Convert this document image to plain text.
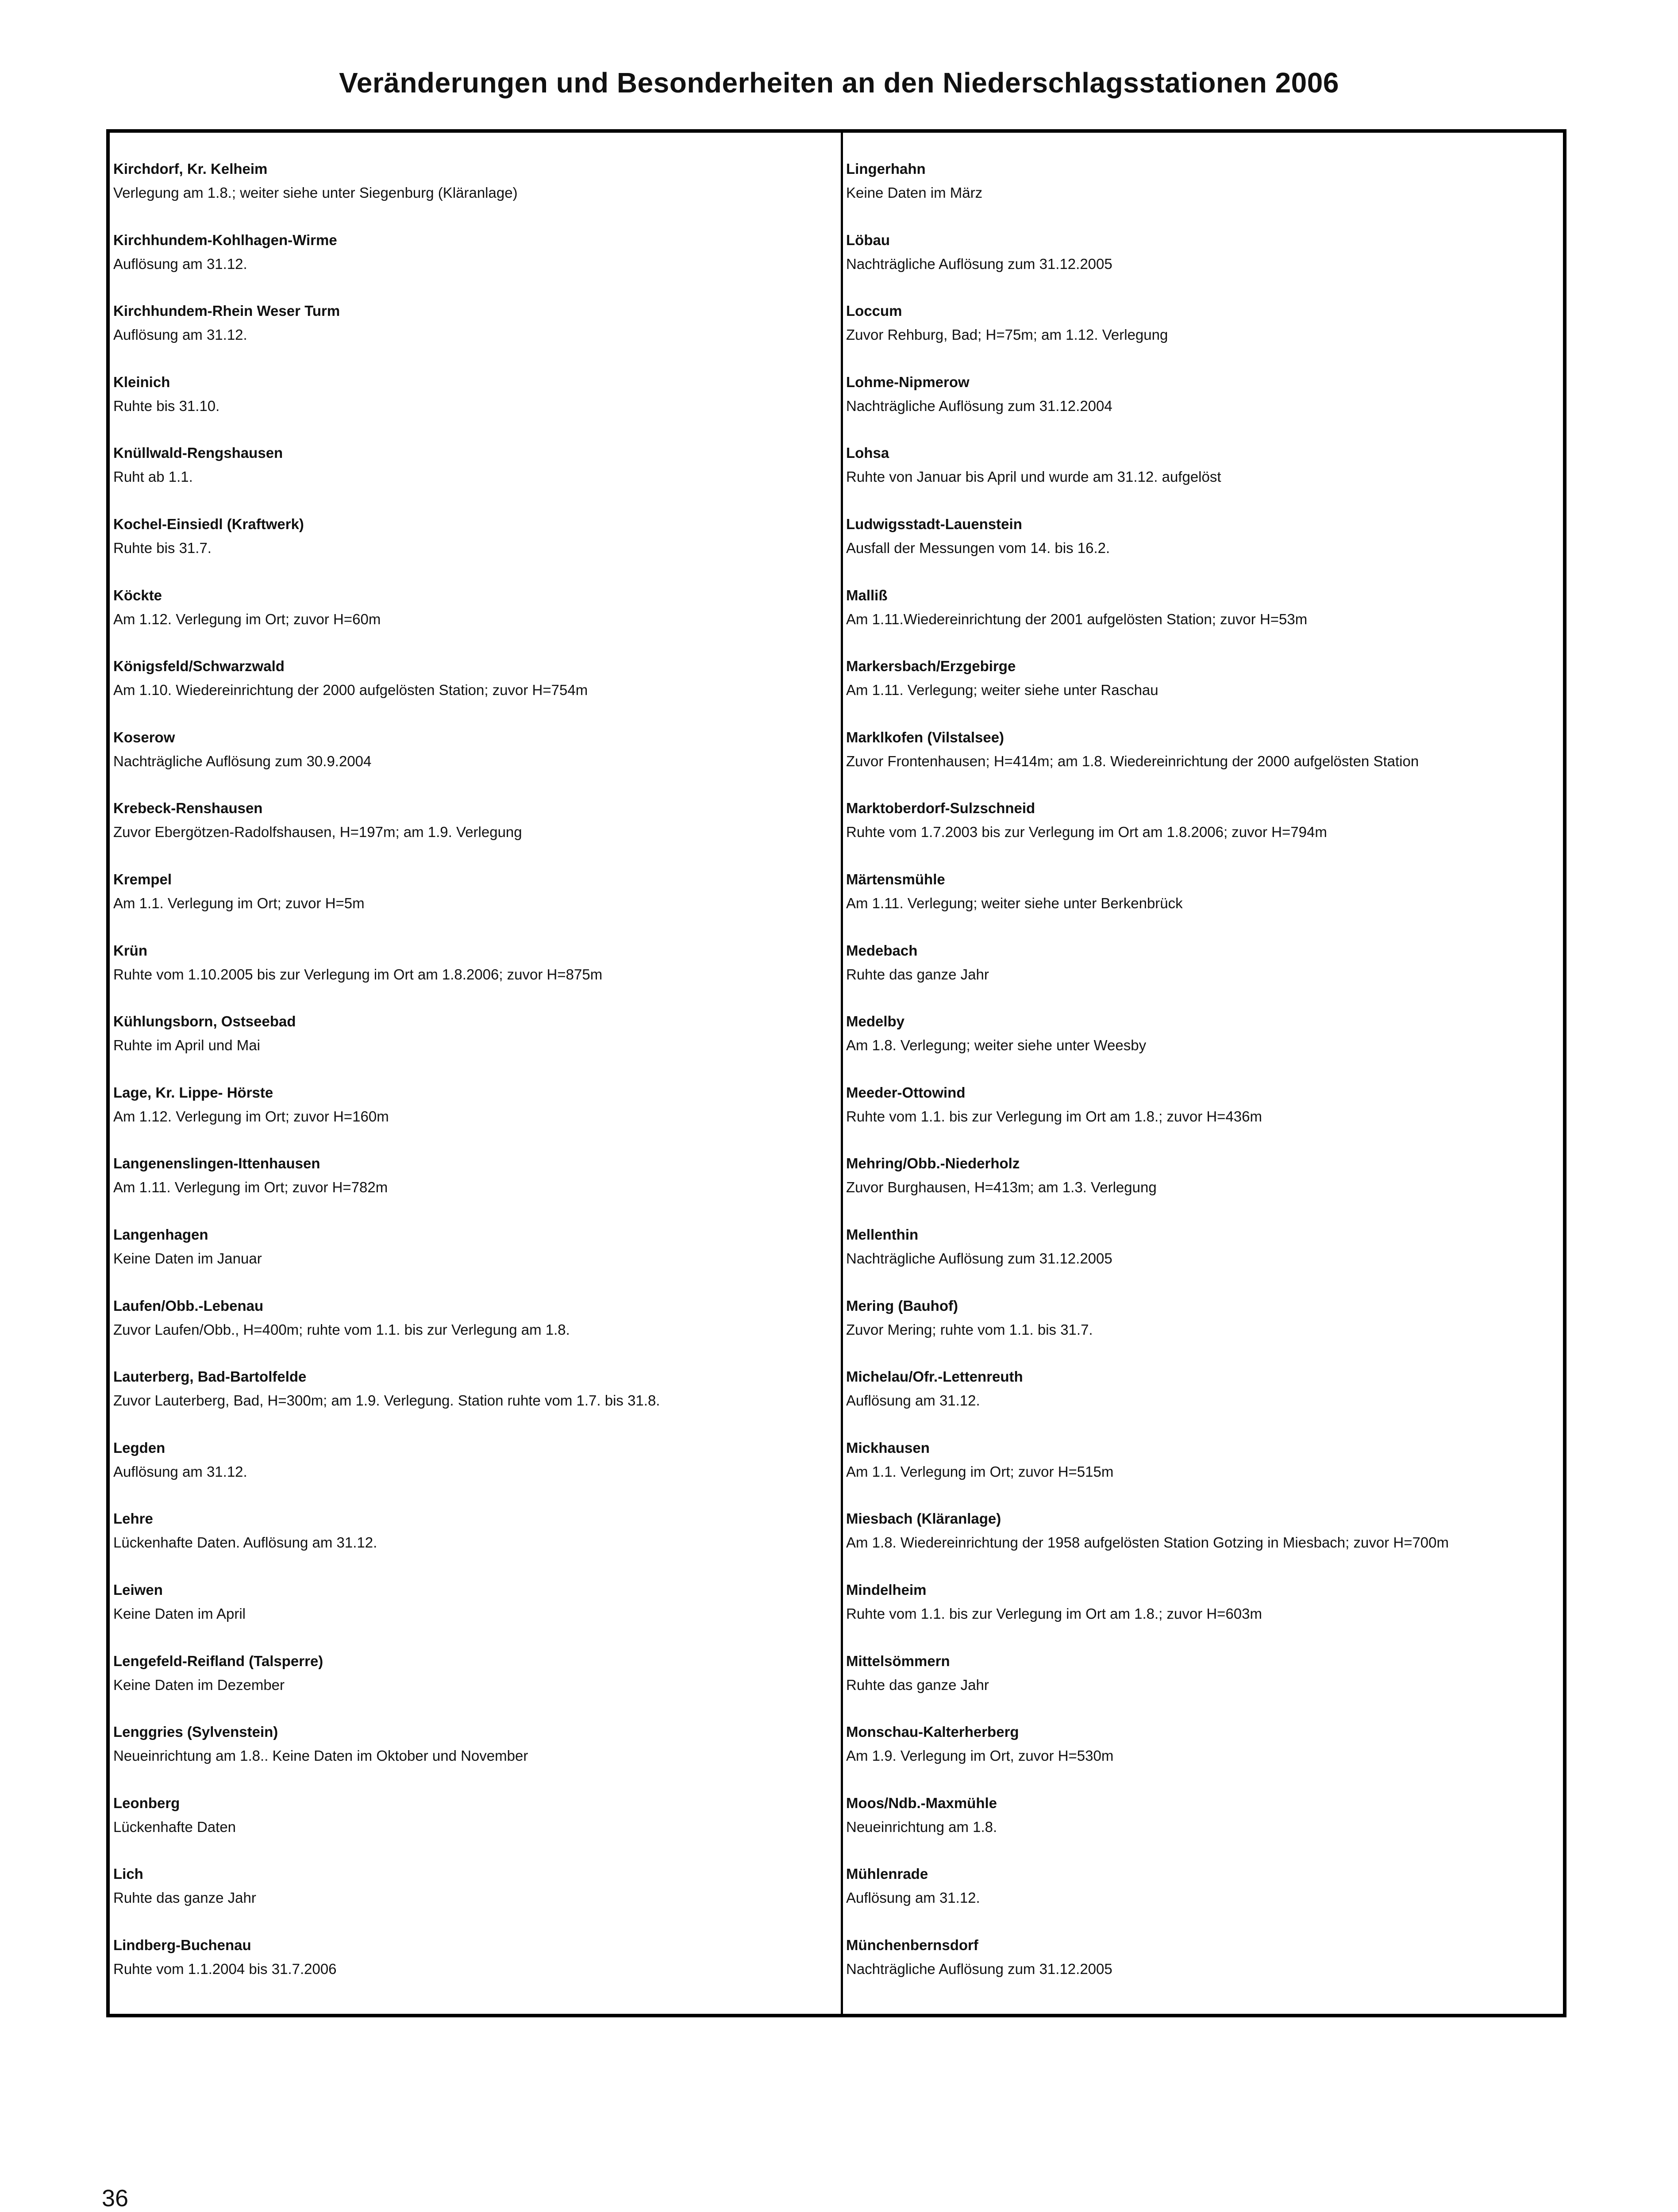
Veränderungen und Besonderheiten an den Niederschlagsstationen 2006
Kirchdorf, Kr. Kelheim
Verlegung am 1.8.; weiter siehe unter Siegenburg (Kläranlage)
Kirchhundem-Kohlhagen-Wirme
Auflösung am 31.12.
Kirchhundem-Rhein Weser Turm
Auflösung am 31.12.
Kleinich
Ruhte bis 31.10.
Knüllwald-Rengshausen
Ruht ab 1.1.
Kochel-Einsiedl (Kraftwerk)
Ruhte bis 31.7.
Köckte
Am 1.12. Verlegung im Ort; zuvor H=60m
Königsfeld/Schwarzwald
Am 1.10. Wiedereinrichtung der 2000 aufgelösten Station; zuvor H=754m
Koserow
Nachträgliche Auflösung zum 30.9.2004
Krebeck-Renshausen
Zuvor Ebergötzen-Radolfshausen, H=197m; am 1.9. Verlegung
Krempel
Am 1.1. Verlegung im Ort; zuvor H=5m
Krün
Ruhte vom 1.10.2005 bis zur Verlegung im Ort am 1.8.2006; zuvor H=875m
Kühlungsborn, Ostseebad
Ruhte im April und Mai
Lage, Kr. Lippe- Hörste
Am 1.12. Verlegung im Ort; zuvor H=160m
Langenenslingen-Ittenhausen
Am 1.11. Verlegung im Ort; zuvor H=782m
Langenhagen
Keine Daten im Januar
Laufen/Obb.-Lebenau
Zuvor Laufen/Obb., H=400m; ruhte vom 1.1. bis zur Verlegung am 1.8.
Lauterberg, Bad-Bartolfelde
Zuvor Lauterberg, Bad, H=300m; am 1.9. Verlegung. Station ruhte vom 1.7. bis 31.8.
Legden
Auflösung am 31.12.
Lehre
Lückenhafte Daten. Auflösung am 31.12.
Leiwen
Keine Daten im April
Lengefeld-Reifland (Talsperre)
Keine Daten im Dezember
Lenggries (Sylvenstein)
Neueinrichtung am 1.8.. Keine Daten im Oktober und November
Leonberg
Lückenhafte Daten
Lich
Ruhte das ganze Jahr
Lindberg-Buchenau
Ruhte vom 1.1.2004 bis 31.7.2006
Lingerhahn
Keine Daten im März
Löbau
Nachträgliche Auflösung zum 31.12.2005
Loccum
Zuvor Rehburg, Bad; H=75m; am 1.12. Verlegung
Lohme-Nipmerow
Nachträgliche Auflösung zum 31.12.2004
Lohsa
Ruhte von Januar bis April und wurde am 31.12. aufgelöst
Ludwigsstadt-Lauenstein
Ausfall der Messungen vom 14. bis 16.2.
Malliß
Am 1.11.Wiedereinrichtung der 2001 aufgelösten Station; zuvor H=53m
Markersbach/Erzgebirge
Am 1.11. Verlegung; weiter siehe unter Raschau
Marklkofen (Vilstalsee)
Zuvor Frontenhausen; H=414m; am 1.8. Wiedereinrichtung der 2000 aufgelösten Station
Marktoberdorf-Sulzschneid
Ruhte vom 1.7.2003 bis zur Verlegung im Ort am 1.8.2006; zuvor H=794m
Märtensmühle
Am 1.11. Verlegung; weiter siehe unter Berkenbrück
Medebach
Ruhte das ganze Jahr
Medelby
Am 1.8. Verlegung; weiter siehe unter Weesby
Meeder-Ottowind
Ruhte vom 1.1. bis zur Verlegung im Ort am 1.8.; zuvor H=436m
Mehring/Obb.-Niederholz
Zuvor Burghausen, H=413m; am 1.3. Verlegung
Mellenthin
Nachträgliche Auflösung zum 31.12.2005
Mering (Bauhof)
Zuvor Mering; ruhte vom 1.1. bis 31.7.
Michelau/Ofr.-Lettenreuth
Auflösung am 31.12.
Mickhausen
Am 1.1. Verlegung im Ort; zuvor H=515m
Miesbach (Kläranlage)
Am 1.8. Wiedereinrichtung der 1958 aufgelösten Station Gotzing in Miesbach; zuvor H=700m
Mindelheim
Ruhte vom 1.1. bis zur Verlegung im Ort am 1.8.; zuvor H=603m
Mittelsömmern
Ruhte das ganze Jahr
Monschau-Kalterherberg
Am 1.9. Verlegung im Ort, zuvor H=530m
Moos/Ndb.-Maxmühle
Neueinrichtung am 1.8.
Mühlenrade
Auflösung am 31.12.
Münchenbernsdorf
Nachträgliche Auflösung zum 31.12.2005
36
